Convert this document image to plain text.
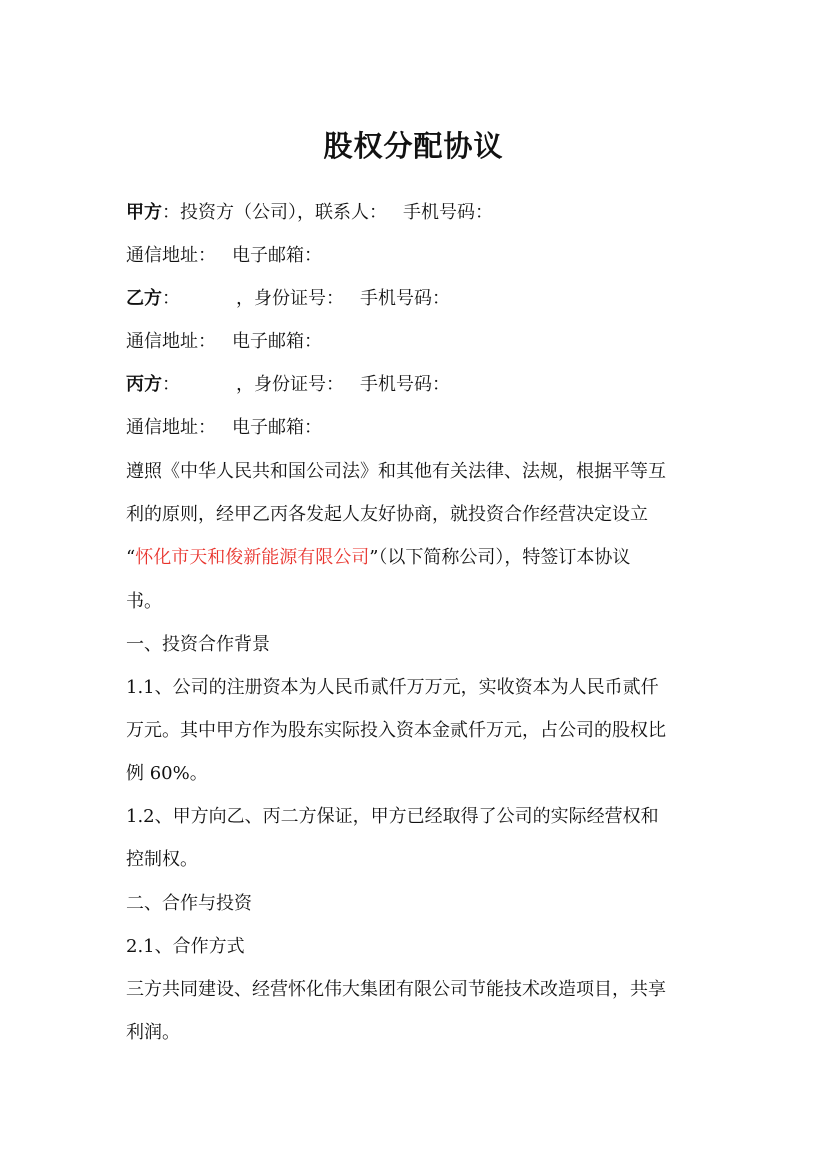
股权分配协议
甲方：投资方（公司），联系人： 手机号码：
通信地址： 电子邮箱：
乙方：	，身份证号： 手机号码：
通信地址： 电子邮箱：
丙方：	，身份证号： 手机号码：
通信地址： 电子邮箱：
遵照《中华人民共和国公司法》和其他有关法律、法规，根据平等互
利的原则，经甲乙丙各发起人友好协商，就投资合作经营决定设立
“怀化市天和俊新能源有限公司”（以下简称公司），特签订本协议
书。
一、投资合作背景
1.1、公司的注册资本为人民币贰仟万万元，实收资本为人民币贰仟
万元。其中甲方作为股东实际投入资本金贰仟万元，占公司的股权比
例 60%。
1.2、甲方向乙、丙二方保证，甲方已经取得了公司的实际经营权和
控制权。
二、合作与投资
2.1、合作方式
三方共同建设、经营怀化伟大集团有限公司节能技术改造项目，共享
利润。
